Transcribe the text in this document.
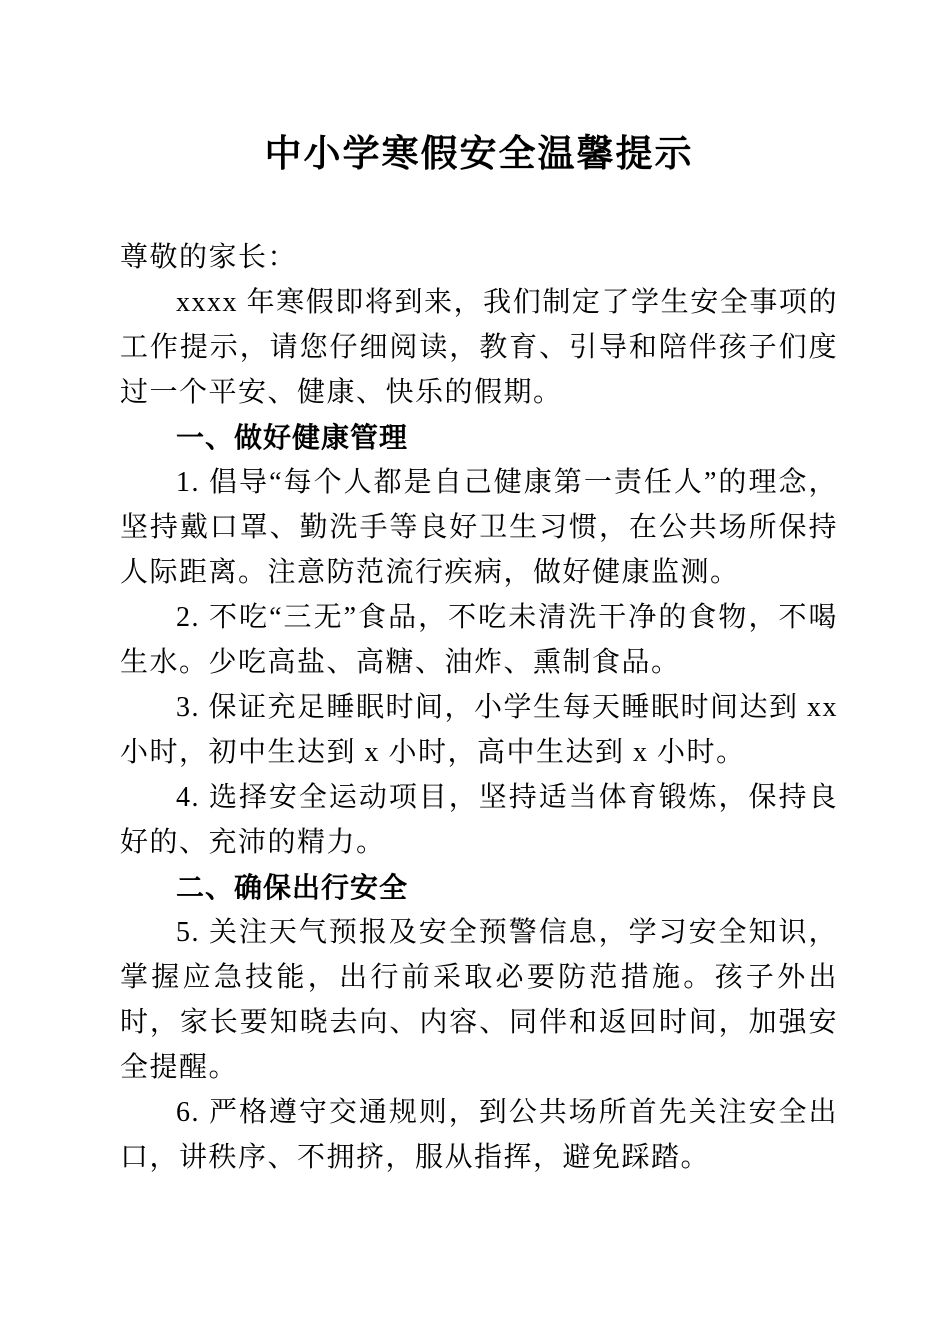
中小学寒假安全温馨提示

尊敬的家长：

xxxx 年寒假即将到来，我们制定了学生安全事项的工作提示，请您仔细阅读，教育、引导和陪伴孩子们度过一个平安、健康、快乐的假期。

一、做好健康管理

1. 倡导“每个人都是自己健康第一责任人”的理念，坚持戴口罩、勤洗手等良好卫生习惯，在公共场所保持人际距离。注意防范流行疾病，做好健康监测。

2. 不吃“三无”食品，不吃未清洗干净的食物，不喝生水。少吃高盐、高糖、油炸、熏制食品。

3. 保证充足睡眠时间，小学生每天睡眠时间达到 xx 小时，初中生达到 x 小时，高中生达到 x 小时。

4. 选择安全运动项目，坚持适当体育锻炼，保持良好的、充沛的精力。

二、确保出行安全

5. 关注天气预报及安全预警信息，学习安全知识，掌握应急技能，出行前采取必要防范措施。孩子外出时，家长要知晓去向、内容、同伴和返回时间，加强安全提醒。

6. 严格遵守交通规则，到公共场所首先关注安全出口，讲秩序、不拥挤，服从指挥，避免踩踏。
